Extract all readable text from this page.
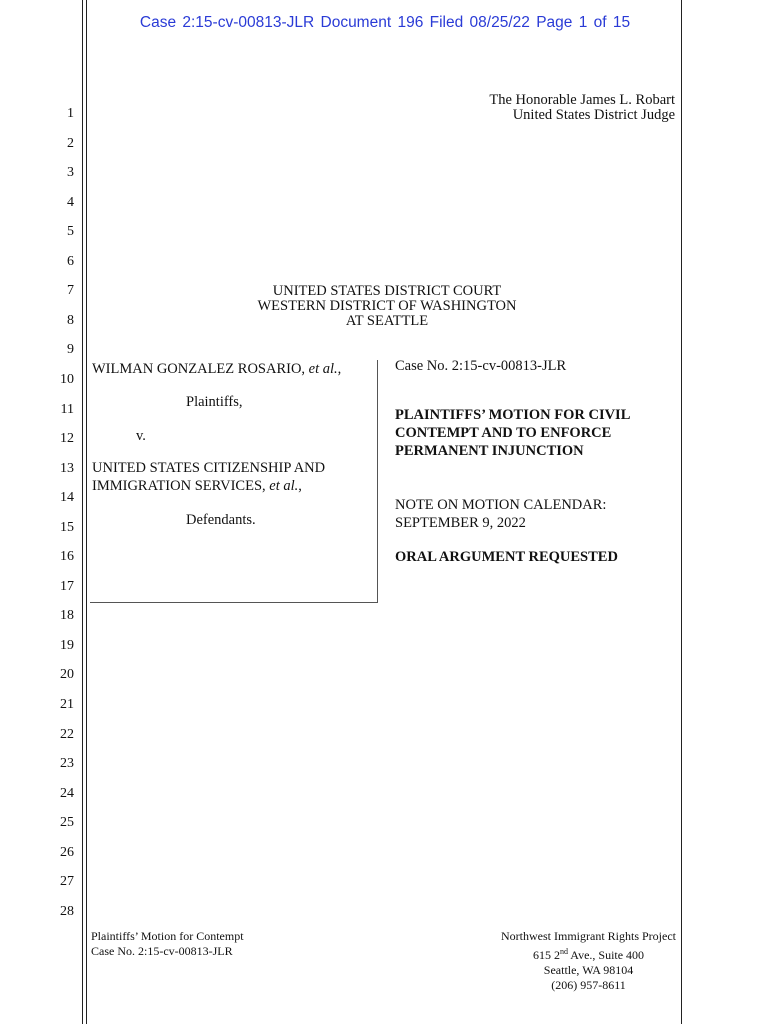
Case 2:15-cv-00813-JLR Document 196 Filed 08/25/22 Page 1 of 15
The Honorable James L. Robart
United States District Judge
1
2
3
4
5
6
7
8
9
10
11
12
13
14
15
16
17
18
19
20
21
22
23
24
25
26
27
28
UNITED STATES DISTRICT COURT
WESTERN DISTRICT OF WASHINGTON
AT SEATTLE
WILMAN GONZALEZ ROSARIO, et al.,
Plaintiffs,
v.
UNITED STATES CITIZENSHIP AND
IMMIGRATION SERVICES, et al.,
Defendants.
Case No. 2:15-cv-00813-JLR
PLAINTIFFS’ MOTION FOR CIVIL
CONTEMPT AND TO ENFORCE
PERMANENT INJUNCTION
NOTE ON MOTION CALENDAR:
SEPTEMBER 9, 2022
ORAL ARGUMENT REQUESTED
Plaintiffs’ Motion for Contempt
Case No. 2:15-cv-00813-JLR
Northwest Immigrant Rights Project
615 2nd Ave., Suite 400
Seattle, WA 98104
(206) 957-8611
